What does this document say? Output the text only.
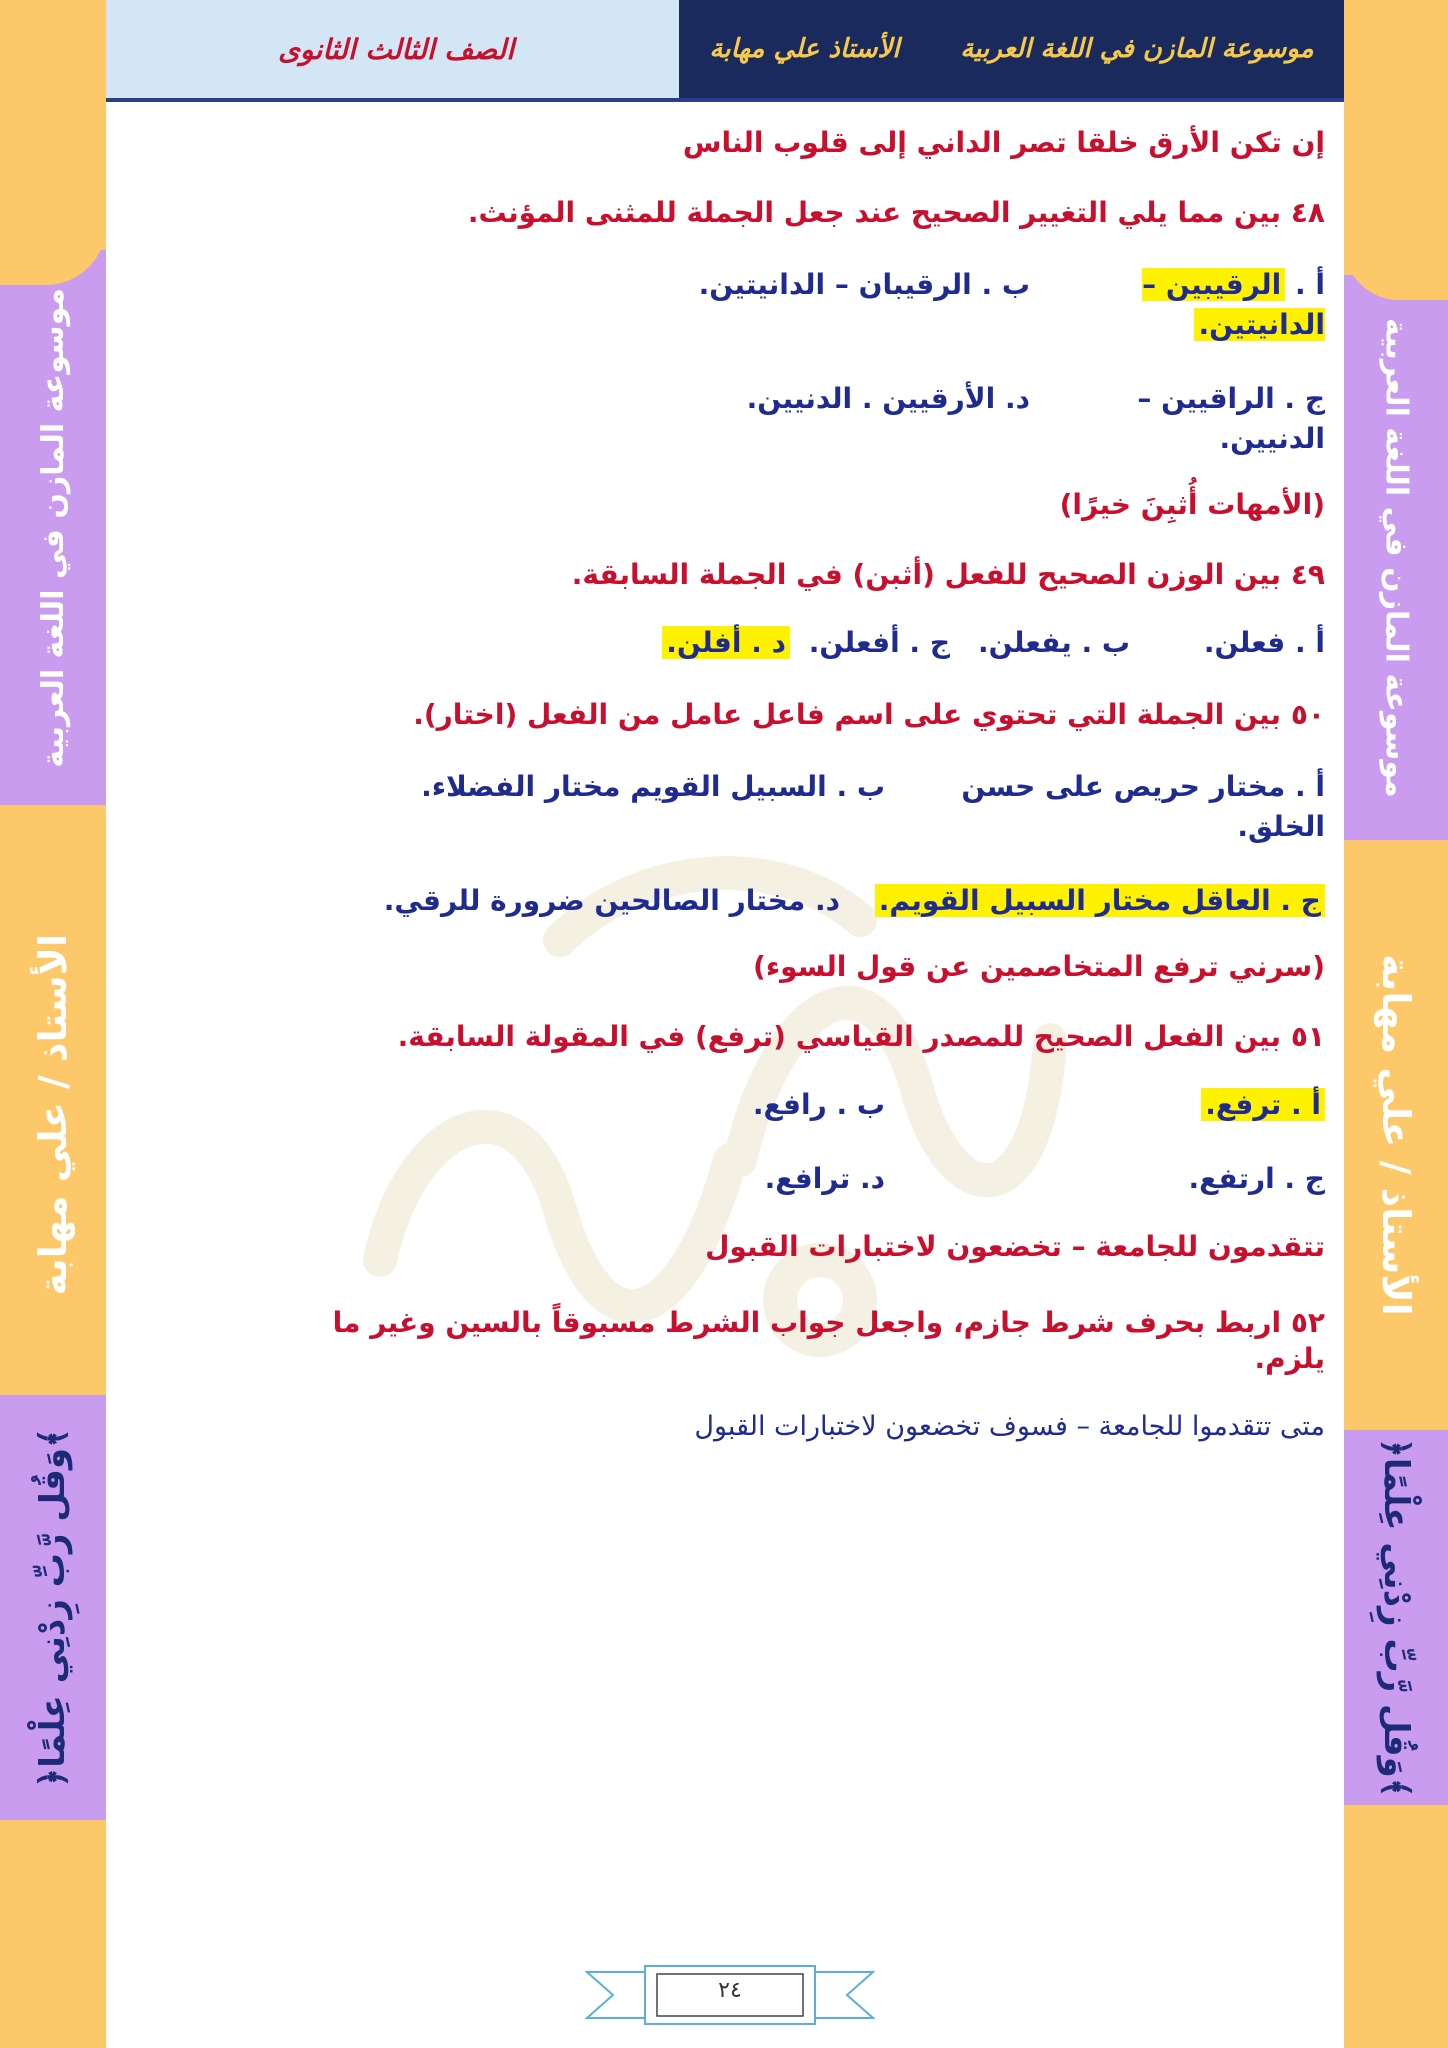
موسوعة المازن في اللغة العربية
الأستاذ / علي مهابة
﴿وَقُل رَّبِّ زِدْنِي عِلْمًا﴾
موسوعة المازن في اللغة العربية
الأستاذ / علي مهابة
﴿وَقُل رَّبِّ زِدْنِي عِلْمًا﴾
الصف الثالث الثانوى	موسوعة المازن في اللغة العربية
الأستاذ علي مهابة
إن تكن الأرق خلقا تصر الداني إلى قلوب الناس
٤٨ بين مما يلي التغيير الصحيح عند جعل الجملة للمثنى المؤنث.
أ . الرقيبين – الدانيتين.
ب . الرقيبان – الدانيتين.
ج . الراقيين – الدنيين.
د. الأرقيين . الدنيين.
(الأمهات أُثبِنَ خيرًا)
٤٩ بين الوزن الصحيح للفعل (أثبن) في الجملة السابقة.
أ . فعلن.
ب . يفعلن.
ج . أفعلن.
د . أفلن.
٥٠ بين الجملة التي تحتوي على اسم فاعل عامل من الفعل (اختار).
أ . مختار حريص على حسن الخلق.
ب . السبيل القويم مختار الفضلاء.
ج . العاقل مختار السبيل القويم.
د. مختار الصالحين ضرورة للرقي.
(سرني ترفع المتخاصمين عن قول السوء)
٥١ بين الفعل الصحيح للمصدر القياسي (ترفع) في المقولة السابقة.
أ . ترفع.
ب . رافع.
ج . ارتفع.
د. ترافع.
تتقدمون للجامعة – تخضعون لاختبارات القبول
٥٢ اربط بحرف شرط جازم، واجعل جواب الشرط مسبوقاً بالسين وغير ما يلزم.
متى تتقدموا للجامعة – فسوف تخضعون لاختبارات القبول
٢٤
